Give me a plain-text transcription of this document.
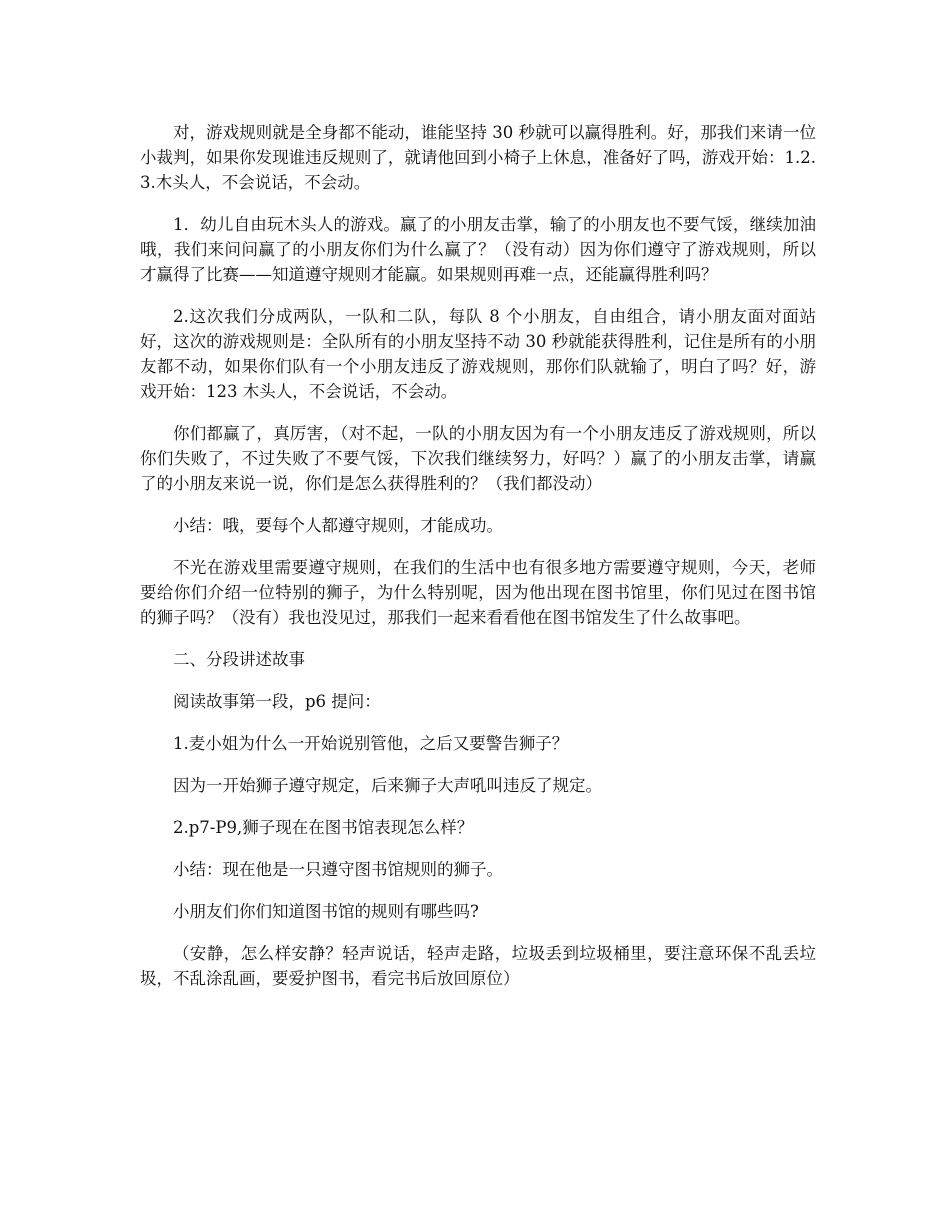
对，游戏规则就是全身都不能动，谁能坚持 30 秒就可以赢得胜利。好，那我们来请一位小裁判，如果你发现谁违反规则了，就请他回到小椅子上休息，准备好了吗，游戏开始：1.2.3.木头人，不会说话，不会动。

1．幼儿自由玩木头人的游戏。赢了的小朋友击掌，输了的小朋友也不要气馁，继续加油哦，我们来问问赢了的小朋友你们为什么赢了？（没有动）因为你们遵守了游戏规则，所以才赢得了比赛——知道遵守规则才能赢。如果规则再难一点，还能赢得胜利吗？

2.这次我们分成两队，一队和二队，每队 8 个小朋友，自由组合，请小朋友面对面站好，这次的游戏规则是：全队所有的小朋友坚持不动 30 秒就能获得胜利，记住是所有的小朋友都不动，如果你们队有一个小朋友违反了游戏规则，那你们队就输了，明白了吗？好，游戏开始：123 木头人，不会说话，不会动。

你们都赢了，真厉害，（对不起，一队的小朋友因为有一个小朋友违反了游戏规则，所以你们失败了，不过失败了不要气馁，下次我们继续努力，好吗？）赢了的小朋友击掌，请赢了的小朋友来说一说，你们是怎么获得胜利的？（我们都没动）

小结：哦，要每个人都遵守规则，才能成功。

不光在游戏里需要遵守规则，在我们的生活中也有很多地方需要遵守规则，今天，老师要给你们介绍一位特别的狮子，为什么特别呢，因为他出现在图书馆里，你们见过在图书馆的狮子吗？（没有）我也没见过，那我们一起来看看他在图书馆发生了什么故事吧。

二、分段讲述故事

阅读故事第一段，p6 提问：

1.麦小姐为什么一开始说别管他，之后又要警告狮子？

因为一开始狮子遵守规定，后来狮子大声吼叫违反了规定。

2.p7-P9,狮子现在在图书馆表现怎么样？

小结：现在他是一只遵守图书馆规则的狮子。

小朋友们你们知道图书馆的规则有哪些吗?

（安静，怎么样安静？轻声说话，轻声走路，垃圾丢到垃圾桶里，要注意环保不乱丢垃圾，不乱涂乱画，要爱护图书，看完书后放回原位）
